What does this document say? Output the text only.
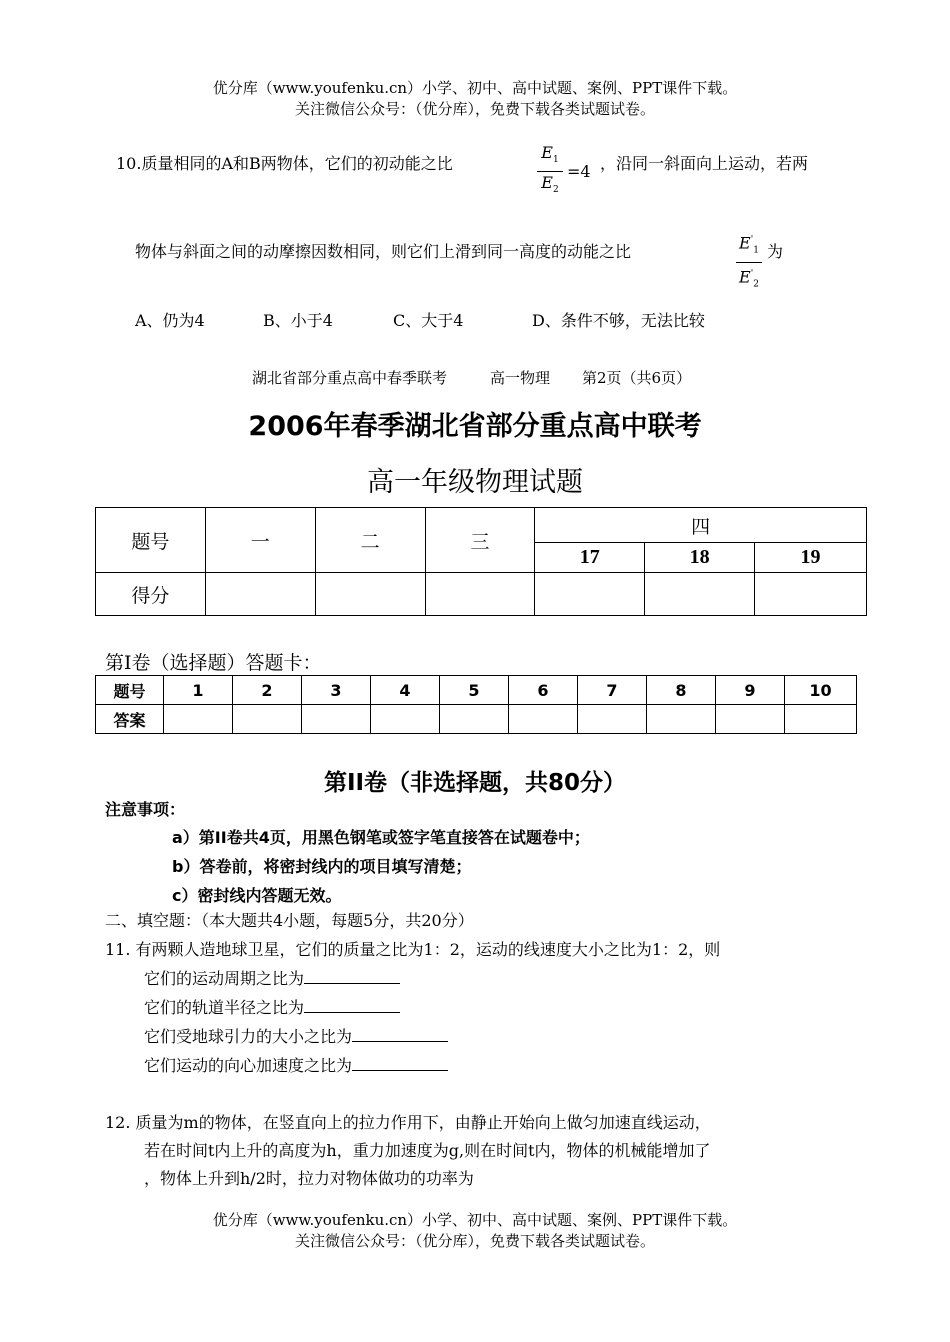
优分库（www.youfenku.cn）小学、初中、高中试题、案例、PPT课件下载。
关注微信公众号：（优分库），免费下载各类试题试卷。
10.质量相同的A和B两物体，它们的初动能之比
$E_1$
$E_2$
=4 ，沿同一斜面向上运动，若两
物体与斜面之间的动摩擦因数相同，则它们上滑到同一高度的动能之比	$E'_1$
$E'_2$
为
A、仍为4	B、小于4	C、大于4	D、条件不够，无法比较
湖北省部分重点高中春季联考	高一物理 第2页（共6页）
2006年春季湖北省部分重点高中联考
高一年级物理试题
题号	一	二	三	四		
				17	18	19
得分						
第Ⅰ卷（选择题）答题卡：
题号	1	2	3	4	5	6	7	8	9	10
答案										
第II卷（非选择题，共80分）
注意事项：
a）第II卷共4页，用黑色钢笔或签字笔直接答在试题卷中；
b）答卷前，将密封线内的项目填写清楚；
c）密封线内答题无效。
二、填空题：（本大题共4小题，每题5分，共20分）
11. 有两颗人造地球卫星，它们的质量之比为1：2，运动的线速度大小之比为1：2，则
它们的运动周期之比为
它们的轨道半径之比为
它们受地球引力的大小之比为
它们运动的向心加速度之比为
12. 质量为m的物体，在竖直向上的拉力作用下，由静止开始向上做匀加速直线运动，
若在时间t内上升的高度为h，重力加速度为g,则在时间t内，物体的机械能增加了
，物体上升到h/2时，拉力对物体做功的功率为
优分库（www.youfenku.cn）小学、初中、高中试题、案例、PPT课件下载。
关注微信公众号：（优分库），免费下载各类试题试卷。
